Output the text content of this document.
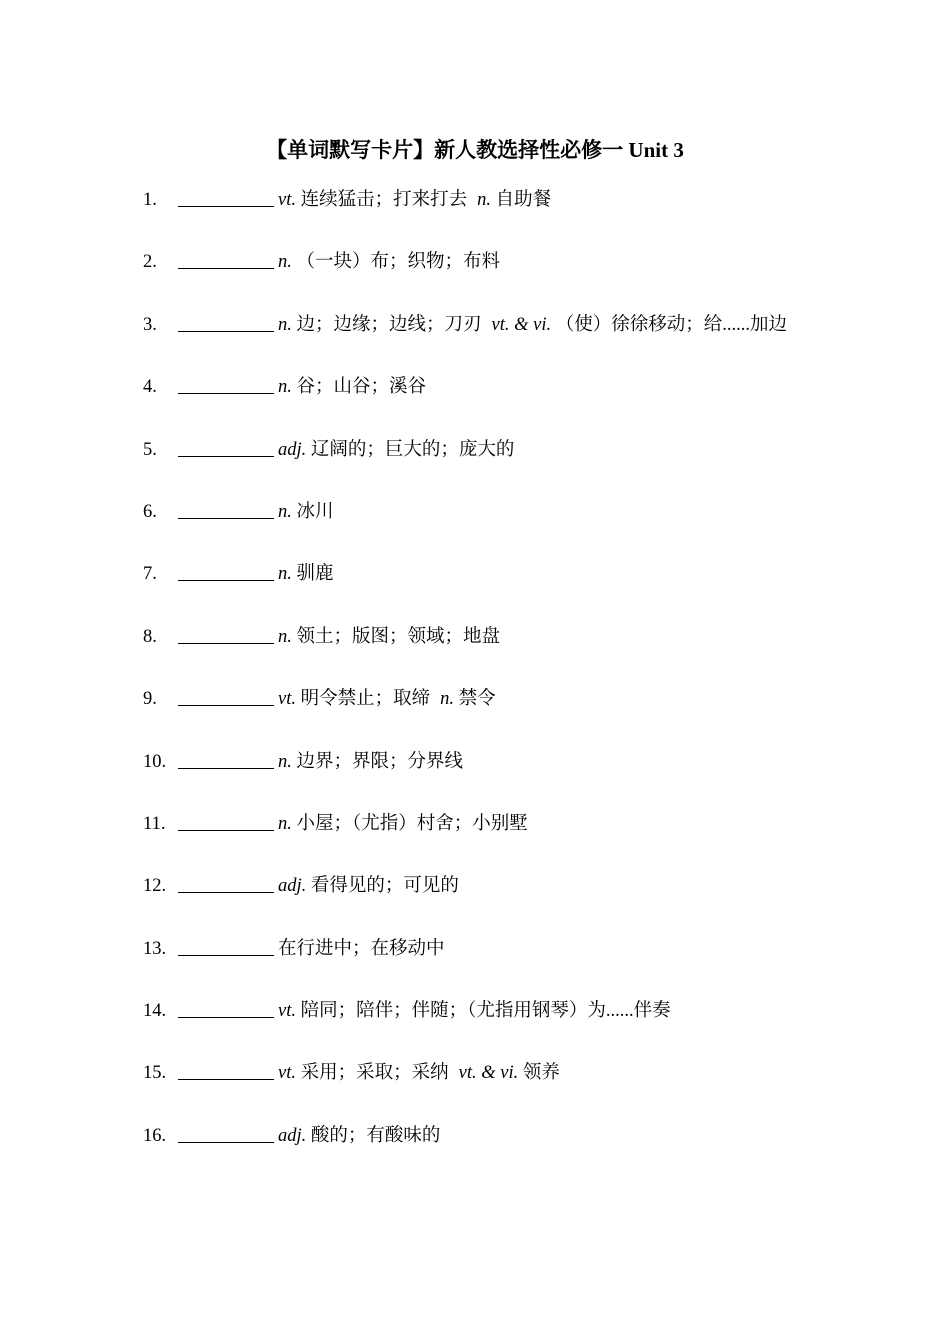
【单词默写卡片】新人教选择性必修一 Unit 3
1.	vt. 连续猛击；打来打去 n. 自助餐
2.	n. （一块）布；织物；布料
3.	n. 边；边缘；边线；刀刃 vt. & vi. （使）徐徐移动；给......加边
4.	n. 谷；山谷；溪谷
5.	adj. 辽阔的；巨大的；庞大的
6.	n. 冰川
7.	n. 驯鹿
8.	n. 领土；版图；领域；地盘
9.	vt. 明令禁止；取缔 n. 禁令
10.	n. 边界；界限；分界线
11.	n. 小屋；（尤指）村舍；小别墅
12.	adj. 看得见的；可见的
13.	在行进中；在移动中
14.	vt. 陪同；陪伴；伴随；（尤指用钢琴）为......伴奏
15.	vt. 采用；采取；采纳 vt. & vi. 领养
16.	adj. 酸的；有酸味的
